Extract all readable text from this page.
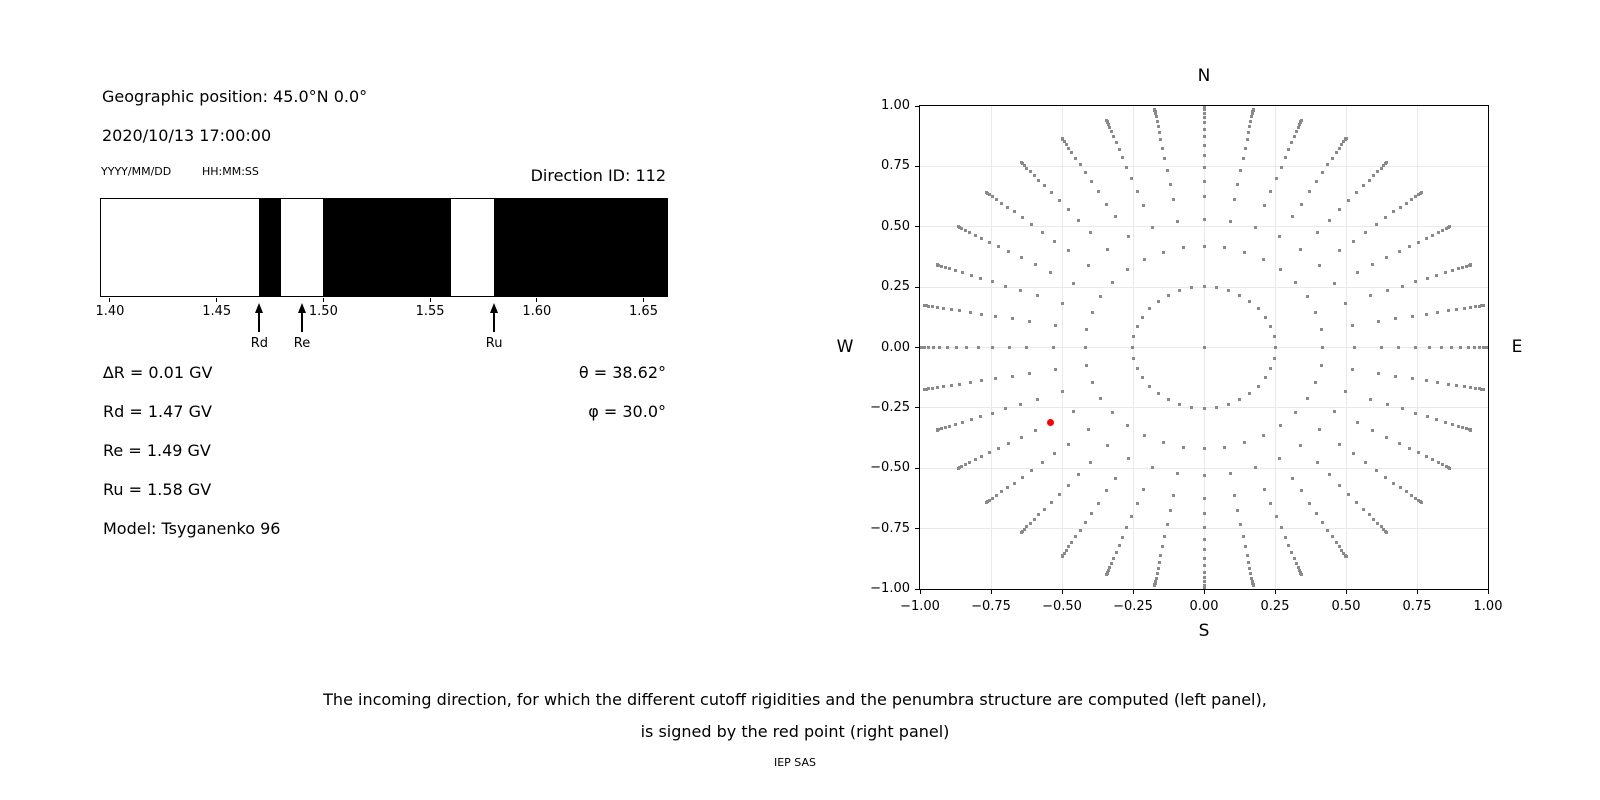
Geographic position: 45.0°N 0.0°
2020/10/13 17:00:00
YYYY/MM/DD	HH:MM:SS	Direction ID: 112
1.40	1.45	1.50	1.55	1.60	1.65
Rd	Re	Ru
∆R = 0.01 GV
Rd = 1.47 GV
Re = 1.49 GV
Ru = 1.58 GV
Model: Tsyganenko 96
θ = 38.62°
φ = 30.0°
N
S
W	E
−1.00	−0.75	−0.50	−0.25	0.00	0.25	0.50	0.75	1.00
1.00
0.75
0.50
0.25
0.00
−0.25
−0.50
−0.75
−1.00
The incoming direction, for which the different cutoff rigidities and the penumbra structure are computed (left panel),
is signed by the red point (right panel)
IEP SAS
